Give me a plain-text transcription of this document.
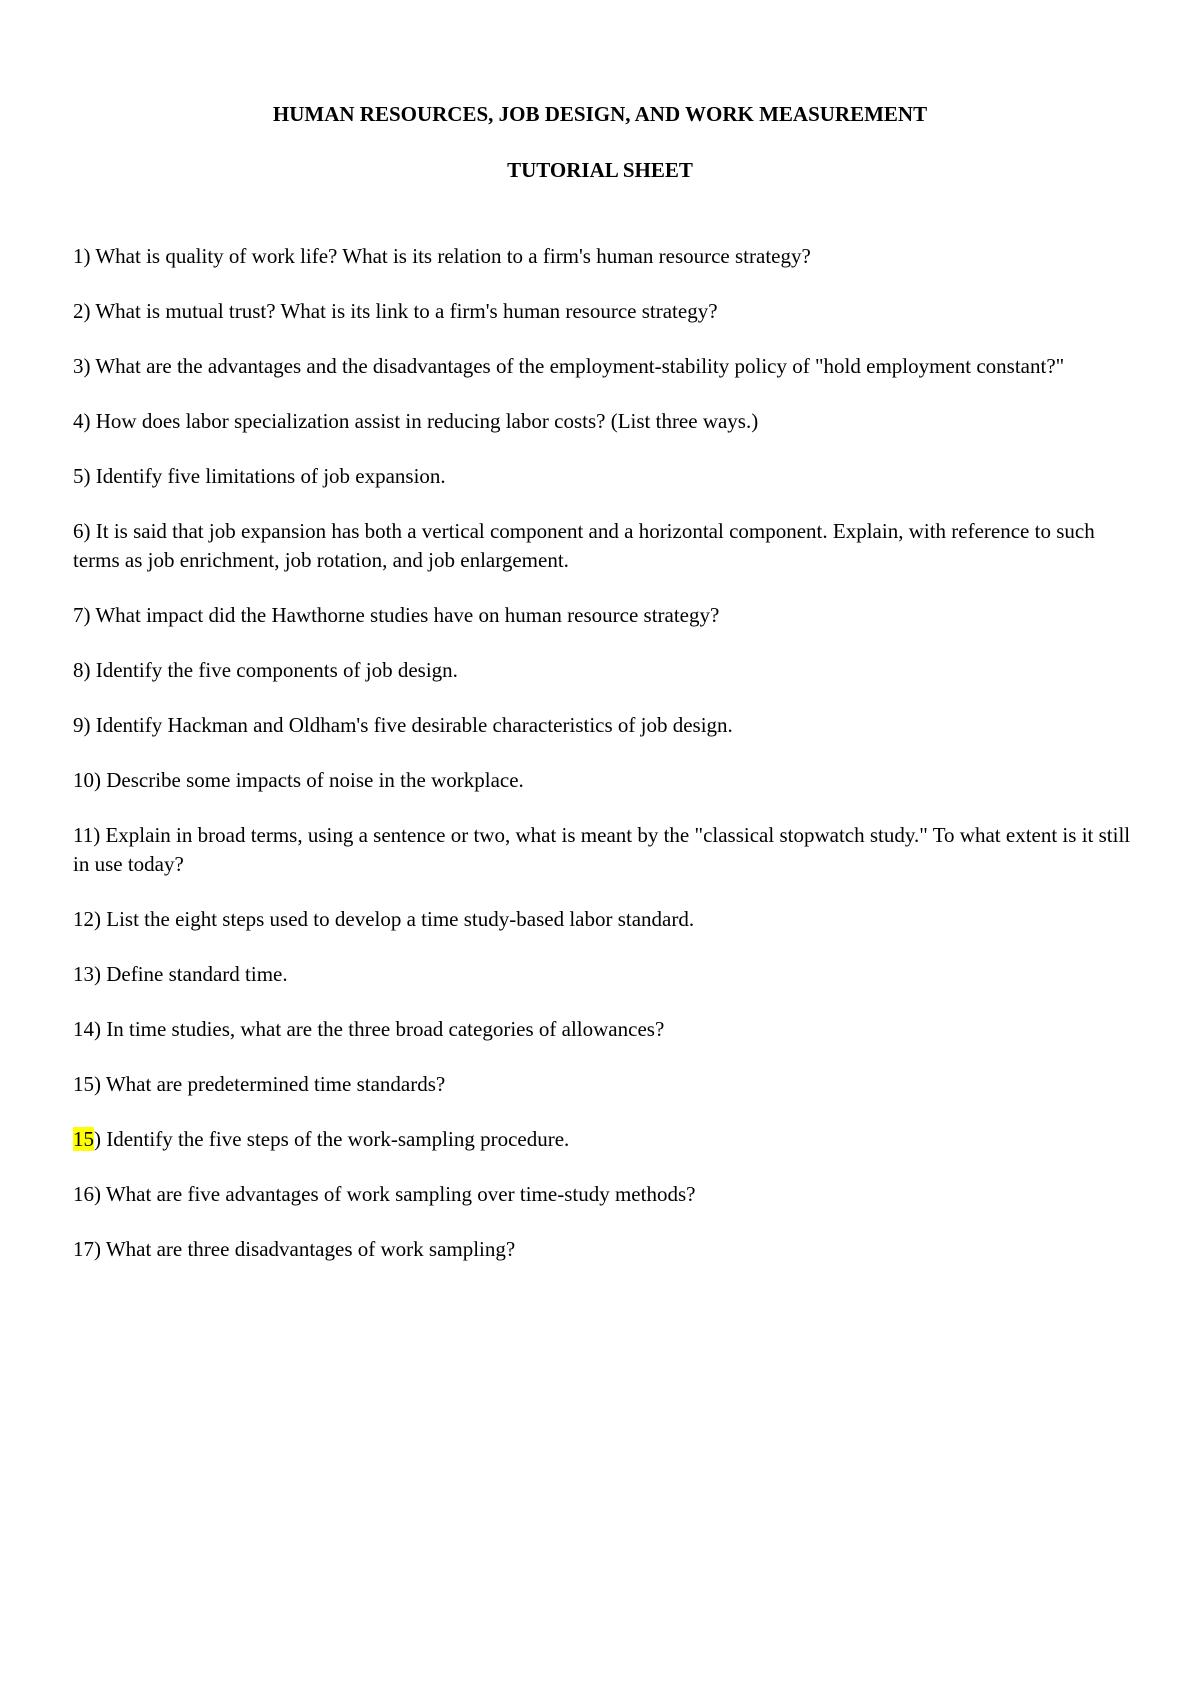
HUMAN RESOURCES, JOB DESIGN, AND WORK MEASUREMENT

TUTORIAL SHEET

1) What is quality of work life? What is its relation to a firm's human resource strategy?
2) What is mutual trust? What is its link to a firm's human resource strategy?
3) What are the advantages and the disadvantages of the employment-stability policy of "hold employment constant?"
4) How does labor specialization assist in reducing labor costs? (List three ways.)
5) Identify five limitations of job expansion.
6) It is said that job expansion has both a vertical component and a horizontal component. Explain, with reference to such terms as job enrichment, job rotation, and job enlargement.
7) What impact did the Hawthorne studies have on human resource strategy?
8) Identify the five components of job design.
9) Identify Hackman and Oldham's five desirable characteristics of job design.
10) Describe some impacts of noise in the workplace.
11) Explain in broad terms, using a sentence or two, what is meant by the "classical stopwatch study." To what extent is it still in use today?
12) List the eight steps used to develop a time study-based labor standard.
13) Define standard time.
14) In time studies, what are the three broad categories of allowances?
15) What are predetermined time standards?
15) Identify the five steps of the work-sampling procedure.
16) What are five advantages of work sampling over time-study methods?
17) What are three disadvantages of work sampling?
